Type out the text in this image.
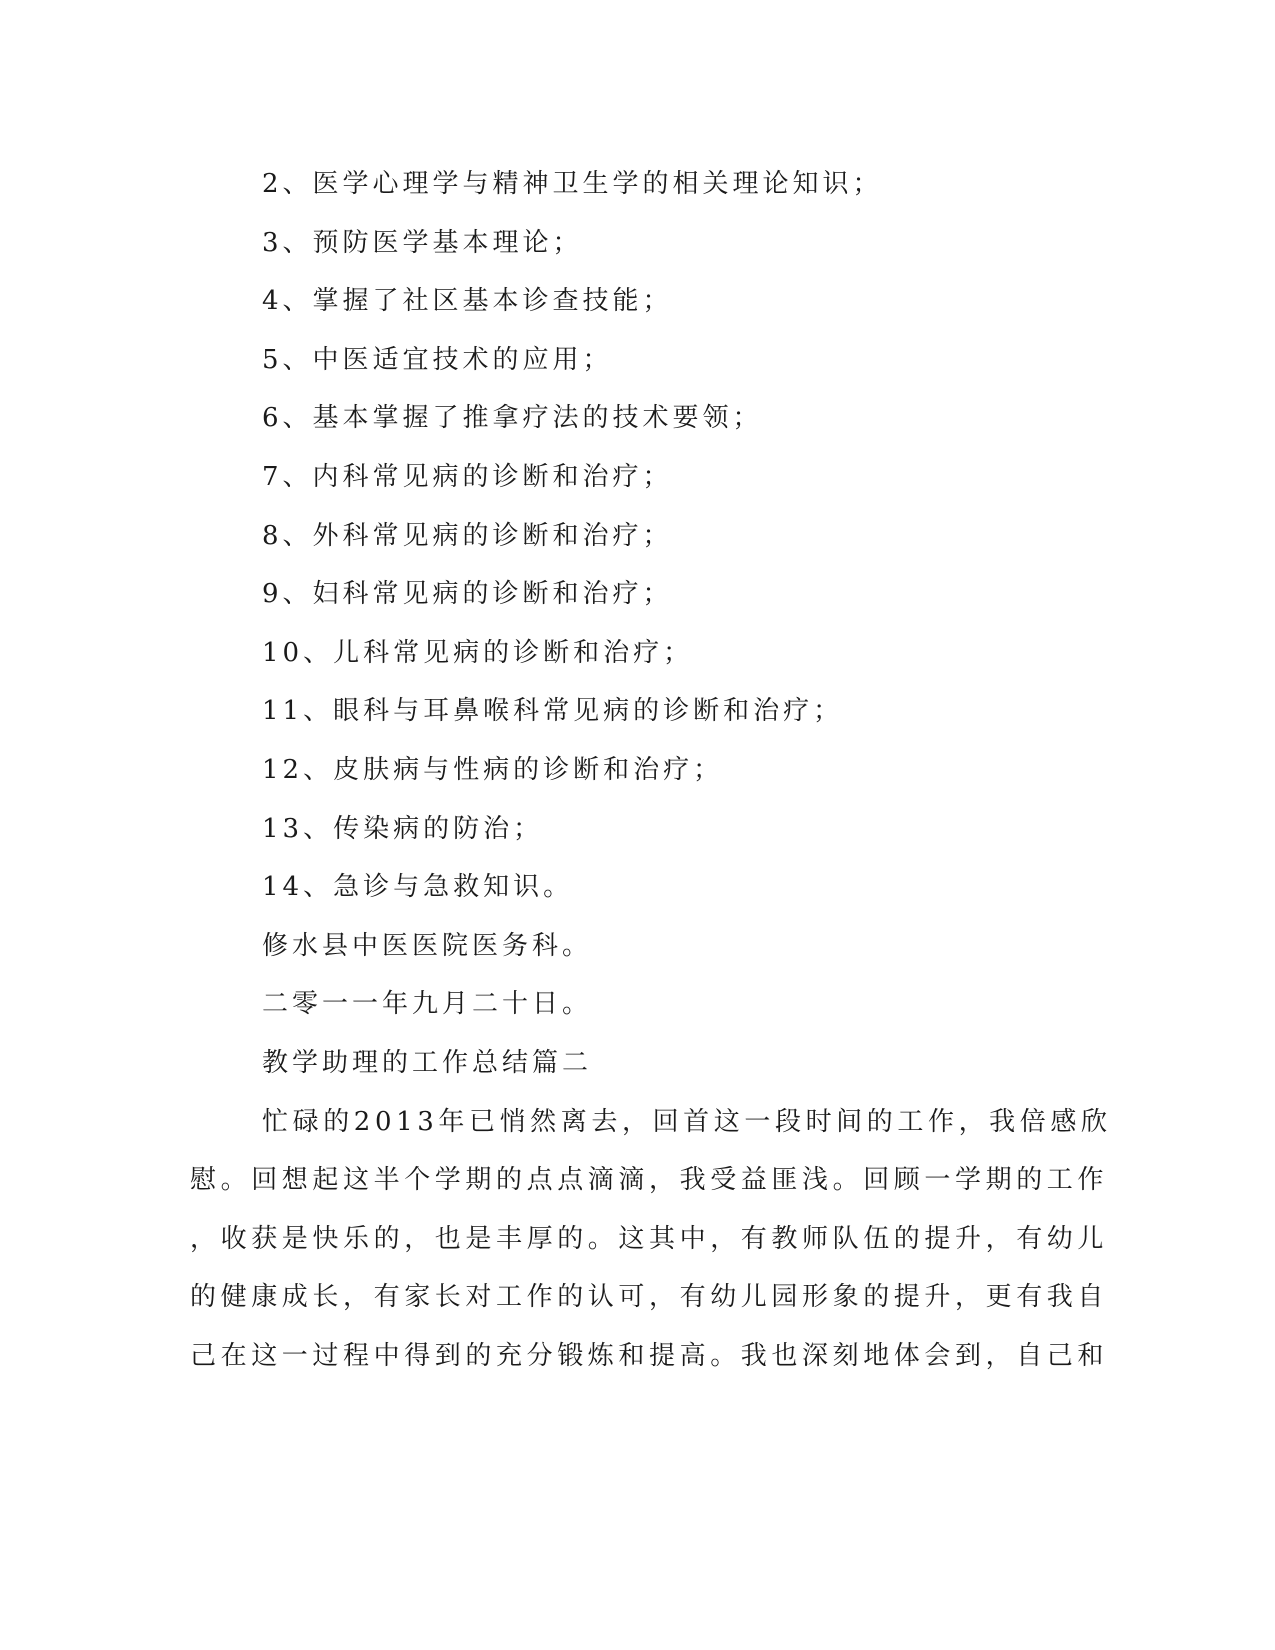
2、医学心理学与精神卫生学的相关理论知识；
3、预防医学基本理论；
4、掌握了社区基本诊查技能；
5、中医适宜技术的应用；
6、基本掌握了推拿疗法的技术要领；
7、内科常见病的诊断和治疗；
8、外科常见病的诊断和治疗；
9、妇科常见病的诊断和治疗；
10、儿科常见病的诊断和治疗；
11、眼科与耳鼻喉科常见病的诊断和治疗；
12、皮肤病与性病的诊断和治疗；
13、传染病的防治；
14、急诊与急救知识。
修水县中医医院医务科。
二零一一年九月二十日。
教学助理的工作总结篇二
忙碌的2013年已悄然离去，回首这一段时间的工作，我倍感欣
慰。回想起这半个学期的点点滴滴，我受益匪浅。回顾一学期的工作
，收获是快乐的，也是丰厚的。这其中，有教师队伍的提升，有幼儿
的健康成长，有家长对工作的认可，有幼儿园形象的提升，更有我自
己在这一过程中得到的充分锻炼和提高。我也深刻地体会到，自己和
